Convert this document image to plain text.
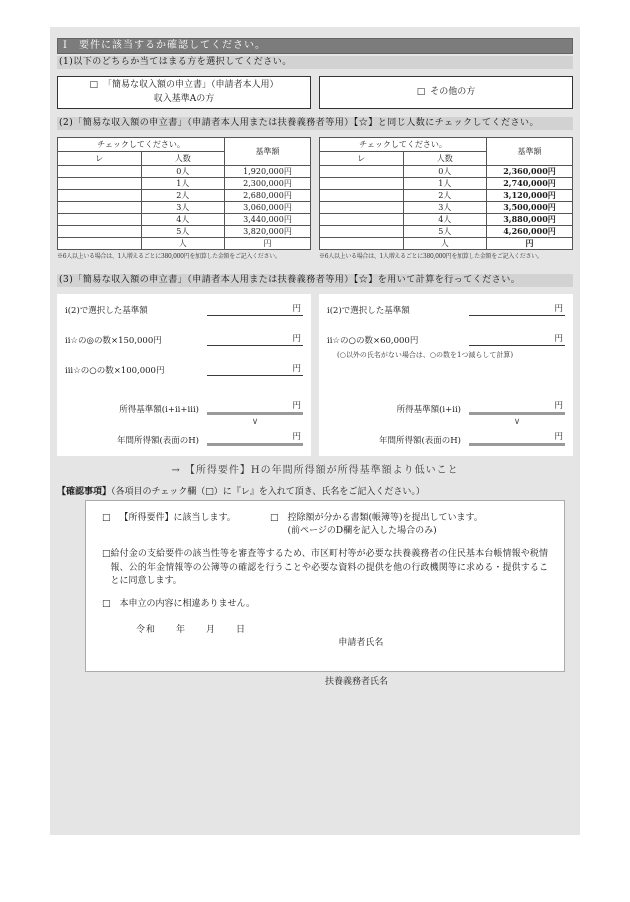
I　要件に該当するか確認してください。
(1)以下のどちらか当てはまる方を選択してください。
□ 「簡易な収入額の申立書」（申請者本人用）
収入基準Aの方
□ その他の方
(2)「簡易な収入額の申立書」（申請者本人用または扶養義務者等用）【☆】と同じ人数にチェックしてください。
チェックしてください。		基準額
レ	人数	
	0人	1,920,000円
	1人	2,300,000円
	2人	2,680,000円
	3人	3,060,000円
	4人	3,440,000円
	5人	3,820,000円
	人	円
※6人以上いる場合は、1人増えるごとに380,000円を加算した金額をご記入ください。
チェックしてください。		基準額
レ	人数	
	0人	2,360,000円
	1人	2,740,000円
	2人	3,120,000円
	3人	3,500,000円
	4人	3,880,000円
	5人	4,260,000円
	人	円
※6人以上いる場合は、1人増えるごとに380,000円を加算した金額をご記入ください。
(3)「簡易な収入額の申立書」（申請者本人用または扶養義務者等用）【☆】を用いて計算を行ってください。
i(2)で選択した基準額	円
ii☆の◎の数×150,000円	円
iii☆の○の数×100,000円	円
所得基準額(i+ii+iii)	円
∨
年間所得額(表面のH)	円
i(2)で選択した基準額	円
ii☆の○の数×60,000円	円
(○以外の氏名がない場合は、○の数を1つ減らして計算)
所得基準額(i+ii)	円
∨
年間所得額(表面のH)	円
→ 【所得要件】Hの年間所得額が所得基準額より低いこと
【確認事項】（各項目のチェック欄（□）に『レ』を入れて頂き、氏名をご記入ください。）
□ 【所得要件】に該当します。	□ 控除額が分かる書類(帳簿等)を提出しています。
(前ページのD欄を記入した場合のみ)
□ 給付金の支給要件の該当性等を審査等するため、市区町村等が必要な扶養義務者の住民基本台帳情報や税情報、公的年金情報等の公簿等の確認を行うことや必要な資料の提供を他の行政機関等に求める・提供することに同意します。
□ 本申立の内容に相違ありません。
令和　　年　　月　　日
申請者氏名
扶養義務者氏名
